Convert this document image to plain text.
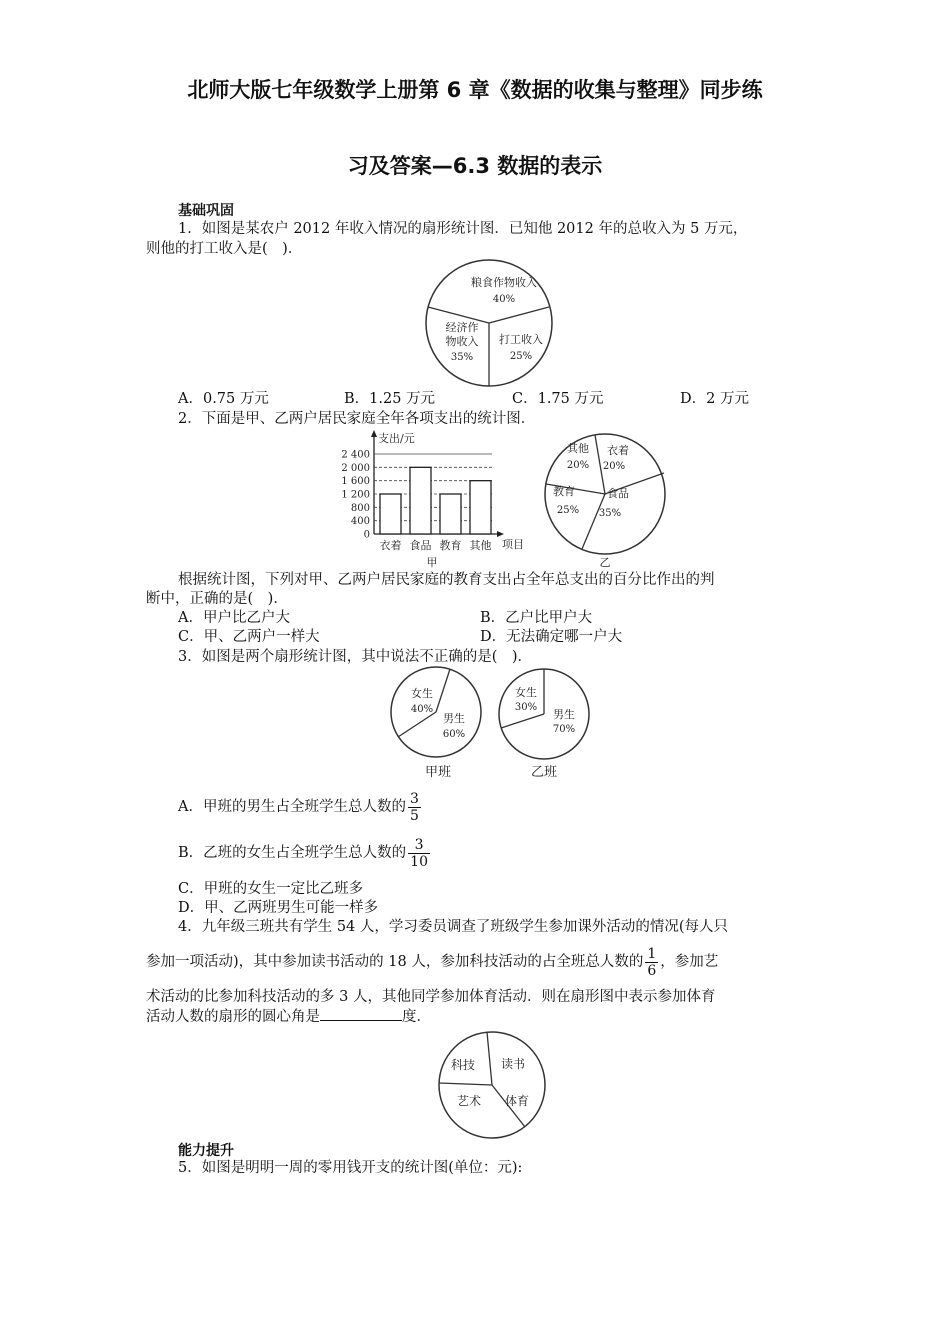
北师大版七年级数学上册第 6 章《数据的收集与整理》同步练
习及答案—6.3 数据的表示
基础巩固
1．如图是某农户 2012 年收入情况的扇形统计图．已知他 2012 年的总收入为 5 万元，
则他的打工收入是(　)．
粮食作物收入
40%
经济作
物收入
35%
打工收入
25%
A．0.75 万元	B．1.25 万元	C．1.75 万元	D．2 万元
2．下面是甲、乙两户居民家庭全年各项支出的统计图．
0
400
800
1 200
1 600
2 000
2 400
衣着 食品 教育 其他
支出/元
项目
甲
其他
20%
衣着
20%
教育
25%
食品
35%
乙
根据统计图，下列对甲、乙两户居民家庭的教育支出占全年总支出的百分比作出的判
断中，正确的是(　)．
A．甲户比乙户大	B．乙户比甲户大
C．甲、乙两户一样大	D．无法确定哪一户大
3．如图是两个扇形统计图，其中说法不正确的是(　)．
女生
40%
男生
60%
甲班
女生
30%
男生
70%
乙班
A．甲班的男生占全班学生总人数的 $\frac{3}{5}$
B．乙班的女生占全班学生总人数的 $\frac{3}{10}$
C．甲班的女生一定比乙班多
D．甲、乙两班男生可能一样多
4．九年级三班共有学生 54 人，学习委员调查了班级学生参加课外活动的情况(每人只
参加一项活动)，其中参加读书活动的 18 人，参加科技活动的占全班总人数的 $\frac{1}{6}$ ，参加艺
术活动的比参加科技活动的多 3 人，其他同学参加体育活动．则在扇形图中表示参加体育
活动人数的扇形的圆心角是	度．
科技 读书
艺术 体育
能力提升
5．如图是明明一周的零用钱开支的统计图(单位：元):
